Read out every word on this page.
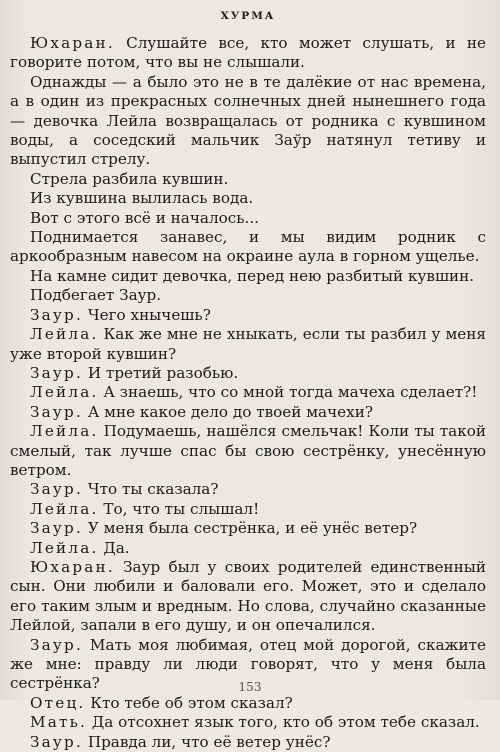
ХУРМА
Юхаран. Слушайте все, кто может слушать, и не говорите потом, что вы не слышали.
Однажды — а было это не в те далёкие от нас времена, а в один из прекрасных солнечных дней нынешнего года — девочка Лейла возвращалась от родника с кувшином воды, а соседский мальчик Заўр натянул тетиву и выпустил стрелу.
Стрела разбила кувшин.
Из кувшина вылилась вода.
Вот с этого всё и началось...
Поднимается занавес, и мы видим родник с аркообразным навесом на окраине аула в горном ущелье.
На камне сидит девочка, перед нею разбитый кувшин.
Подбегает Заур.
Заур. Чего хнычешь?
Лейла. Как же мне не хныкать, если ты разбил у меня уже второй кувшин?
Заур. И третий разобью.
Лейла. А знаешь, что со мной тогда мачеха сделает?!
Заур. А мне какое дело до твоей мачехи?
Лейла. Подумаешь, нашёлся смельчак! Коли ты такой смелый, так лучше спас бы свою сестрёнку, унесённую ветром.
Заур. Что ты сказала?
Лейла. То, что ты слышал!
Заур. У меня была сестрёнка, и её унёс ветер?
Лейла. Да.
Юхаран. Заур был у своих родителей единственный сын. Они любили и баловали его. Может, это и сделало его таким злым и вредным. Но слова, случайно сказанные Лейлой, запали в его душу, и он опечалился.
Заур. Мать моя любимая, отец мой дорогой, скажите же мне: правду ли люди говорят, что у меня была сестрёнка?
Отец. Кто тебе об этом сказал?
Мать. Да отсохнет язык того, кто об этом тебе сказал.
Заур. Правда ли, что её ветер унёс?
153
